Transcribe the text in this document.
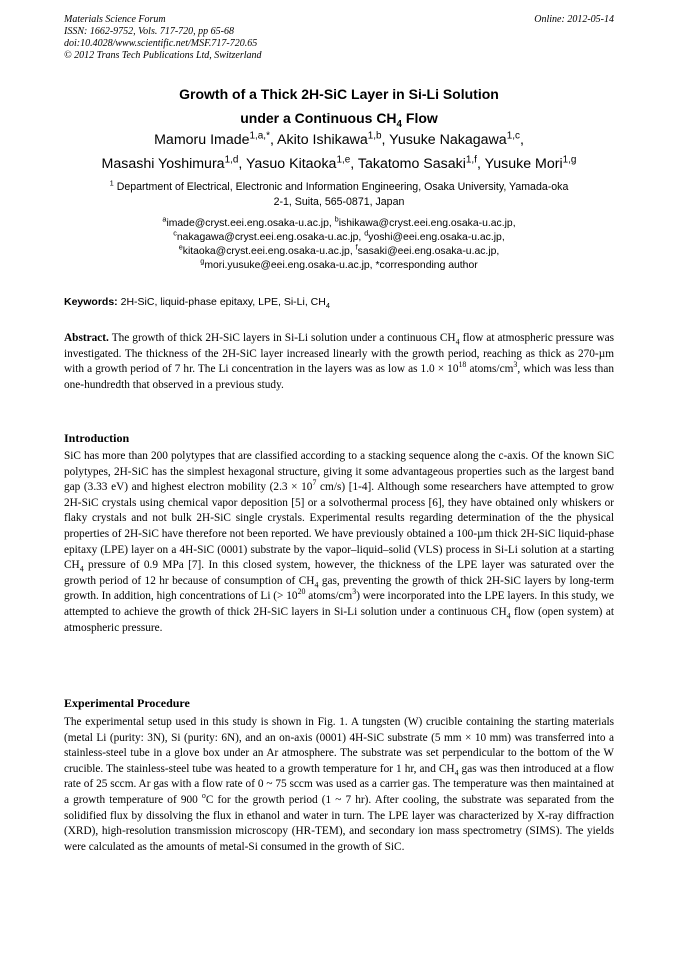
Materials Science Forum
ISSN: 1662-9752, Vols. 717-720, pp 65-68
doi:10.4028/www.scientific.net/MSF.717-720.65
© 2012 Trans Tech Publications Ltd, Switzerland
Online: 2012-05-14
Growth of a Thick 2H-SiC Layer in Si-Li Solution
under a Continuous $CH_4$ Flow
Mamoru Imade$^{1,a,*}$, Akito Ishikawa$^{1,b}$, Yusuke Nakagawa$^{1,c}$,
Masashi Yoshimura$^{1,d}$, Yasuo Kitaoka$^{1,e}$, Takatomo Sasaki$^{1,f}$, Yusuke Mori$^{1,g}$
$^1$ Department of Electrical, Electronic and Information Engineering, Osaka University, Yamada-oka
2-1, Suita, 565-0871, Japan
$^a$imade@cryst.eei.eng.osaka-u.ac.jp, $^b$ishikawa@cryst.eei.eng.osaka-u.ac.jp,
$^c$nakagawa@cryst.eei.eng.osaka-u.ac.jp, $^d$yoshi@eei.eng.osaka-u.ac.jp,
$^e$kitaoka@cryst.eei.eng.osaka-u.ac.jp, $^f$sasaki@eei.eng.osaka-u.ac.jp,
$^g$mori.yusuke@eei.eng.osaka-u.ac.jp, *corresponding author
Keywords: 2H-SiC, liquid-phase epitaxy, LPE, Si-Li, $CH_4$
Abstract. The growth of thick 2H-SiC layers in Si-Li solution under a continuous $CH_4$ flow at atmospheric pressure was investigated. The thickness of the 2H-SiC layer increased linearly with the growth period, reaching as thick as 270-µm with a growth period of 7 hr. The Li concentration in the layers was as low as $1.0 \times 10^{18}$ atoms/$cm^3$, which was less than one-hundredth that observed in a previous study.
Introduction
SiC has more than 200 polytypes that are classified according to a stacking sequence along the c-axis. Of the known SiC polytypes, 2H-SiC has the simplest hexagonal structure, giving it some advantageous properties such as the largest band gap (3.33 eV) and highest electron mobility ($2.3 \times 10^7$ cm/s) [1-4]. Although some researchers have attempted to grow 2H-SiC crystals using chemical vapor deposition [5] or a solvothermal process [6], they have obtained only whiskers or flaky crystals and not bulk 2H-SiC single crystals. Experimental results regarding determination of the the physical properties of 2H-SiC have therefore not been reported. We have previously obtained a 100-µm thick 2H-SiC liquid-phase epitaxy (LPE) layer on a 4H-SiC (0001) substrate by the vapor–liquid–solid (VLS) process in Si-Li solution at a starting $CH_4$ pressure of 0.9 MPa [7]. In this closed system, however, the thickness of the LPE layer was saturated over the growth period of 12 hr because of consumption of $CH_4$ gas, preventing the growth of thick 2H-SiC layers by long-term growth. In addition, high concentrations of Li (> $10^{20}$ atoms/$cm^3$) were incorporated into the LPE layers. In this study, we attempted to achieve the growth of thick 2H-SiC layers in Si-Li solution under a continuous $CH_4$ flow (open system) at atmospheric pressure.
Experimental Procedure
The experimental setup used in this study is shown in Fig. 1. A tungsten (W) crucible containing the starting materials (metal Li (purity: 3N), Si (purity: 6N), and an on-axis (0001) 4H-SiC substrate (5 mm × 10 mm) was transferred into a stainless-steel tube in a glove box under an Ar atmosphere. The substrate was set perpendicular to the bottom of the W crucible. The stainless-steel tube was heated to a growth temperature for 1 hr, and $CH_4$ gas was then introduced at a flow rate of 25 sccm. Ar gas with a flow rate of 0 ~ 75 sccm was used as a carrier gas. The temperature was then maintained at a growth temperature of 900 $^o$C for the growth period (1 ~ 7 hr). After cooling, the substrate was separated from the solidified flux by dissolving the flux in ethanol and water in turn. The LPE layer was characterized by X-ray diffraction (XRD), high-resolution transmission microscopy (HR-TEM), and secondary ion mass spectrometry (SIMS). The yields were calculated as the amounts of metal-Si consumed in the growth of SiC.
